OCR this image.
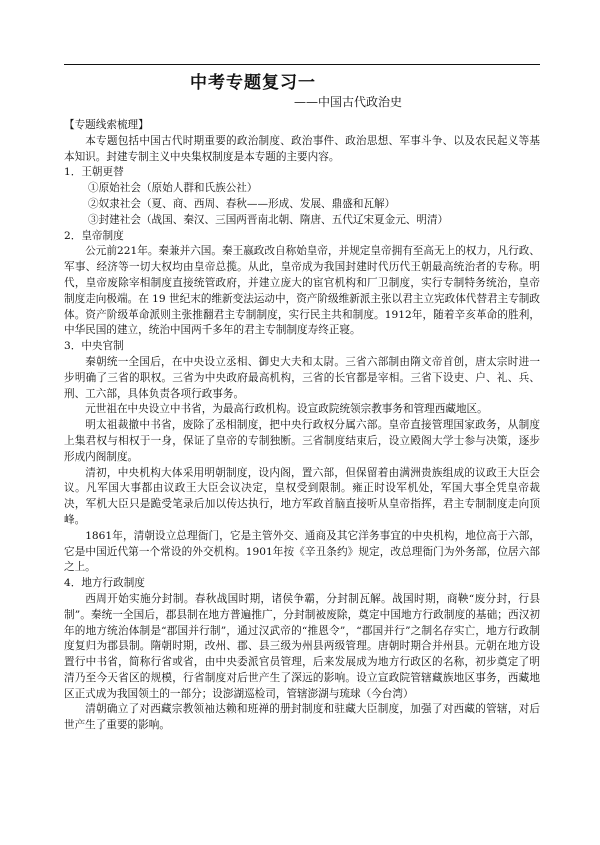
中考专题复习一
——中国古代政治史

【专题线索梳理】

本专题包括中国古代时期重要的政治制度、政治事件、政治思想、军事斗争、以及农民起义等基本知识。封建专制主义中央集权制度是本专题的主要内容。

1．王朝更替

①原始社会（原始人群和氏族公社）

②奴隶社会（夏、商、西周、春秋——形成、发展、鼎盛和瓦解）

③封建社会（战国、秦汉、三国两晋南北朝、隋唐、五代辽宋夏金元、明清）

2．皇帝制度

公元前221年。秦兼并六国。秦王嬴政改自称始皇帝，并规定皇帝拥有至高无上的权力，凡行政、军事、经济等一切大权均由皇帝总揽。从此，皇帝成为我国封建时代历代王朝最高统治者的专称。明代，皇帝废除宰相制度直接统管政府，并建立庞大的宦官机构和厂卫制度，实行专制特务统治，皇帝制度走向极端。在 19 世纪末的维新变法运动中，资产阶级维新派主张以君主立宪政体代替君主专制政体。资产阶级革命派则主张推翻君主专制制度，实行民主共和制度。1912年，随着辛亥革命的胜利，中华民国的建立，统治中国两千多年的君主专制制度寿终正寝。

3．中央官制

秦朝统一全国后，在中央设立丞相、御史大夫和太尉。三省六部制由隋文帝首创，唐太宗时进一步明确了三省的职权。三省为中央政府最高机构，三省的长官都是宰相。三省下设吏、户、礼、兵、刑、工六部，具体负责各项行政事务。

元世祖在中央设立中书省，为最高行政机构。设宣政院统领宗教事务和管理西藏地区。

明太祖裁撤中书省，废除了丞相制度，把中央行政权分属六部。皇帝直接管理国家政务，从制度上集君权与相权于一身，保证了皇帝的专制独断。三省制度结束后，设立殿阁大学士参与决策，逐步形成内阁制度。

清初，中央机构大体采用明朝制度，设内阁，置六部，但保留着由满洲贵族组成的议政王大臣会议。凡军国大事都由议政王大臣会议决定，皇权受到限制。雍正时设军机处，军国大事全凭皇帝裁决，军机大臣只是跪受笔录后加以传达执行，地方军政首脑直接听从皇帝指挥，君主专制制度走向顶峰。

1861年，清朝设立总理衙门，它是主管外交、通商及其它洋务事宜的中央机构，地位高于六部，它是中国近代第一个常设的外交机构。1901年按《辛丑条约》规定，改总理衙门为外务部，位居六部之上。

4．地方行政制度

西周开始实施分封制。春秋战国时期，诸侯争霸，分封制瓦解。战国时期，商鞅“废分封，行县制”。秦统一全国后，郡县制在地方普遍推广，分封制被废除，奠定中国地方行政制度的基础；西汉初年的地方统治体制是“郡国并行制”，通过汉武帝的“推恩令”，“郡国并行”之制名存实亡，地方行政制度复归为郡县制。隋朝时期，改州、郡、县三级为州县两级管理。唐朝时期合并州县。元朝在地方设置行中书省，简称行省或省，由中央委派官员管理，后来发展成为地方行政区的名称，初步奠定了明清乃至今天省区的规模，行省制度对后世产生了深远的影响。设立宣政院管辖藏族地区事务，西藏地区正式成为我国领土的一部分；设澎湖巡检司，管辖澎湖与琉球（今台湾）

清朝确立了对西藏宗教领袖达赖和班禅的册封制度和驻藏大臣制度，加强了对西藏的管辖，对后世产生了重要的影响。
